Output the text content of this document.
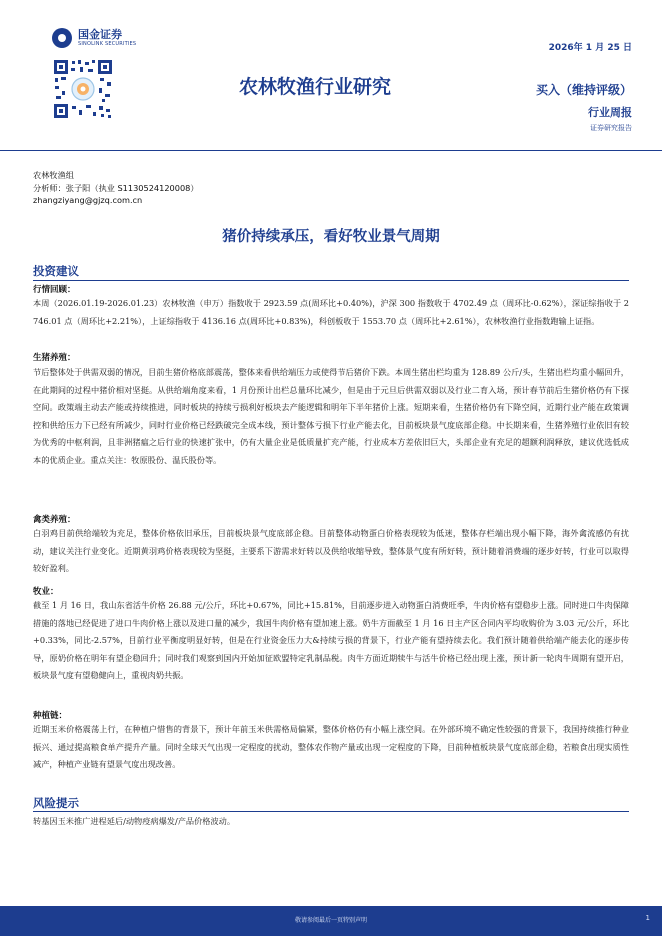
国金证券
SINOLINK SECURITIES	2026年 1 月 25 日
农林牧渔行业研究	买入（维持评级）
行业周报
证券研究报告
农林牧渔组
分析师：张子阳（执业 S1130524120008）
zhangziyang@gjzq.com.cn
猪价持续承压，看好牧业景气周期
投资建议
行情回顾：

本周（2026.01.19-2026.01.23）农林牧渔（申万）指数收于 2923.59 点(周环比+0.40%)，沪深 300 指数收于 4702.49 点（周环比-0.62%），深证综指收于 2746.01 点（周环比+2.21%），上证综指收于 4136.16 点(周环比+0.83%)，科创板收于 1553.70 点（周环比+2.61%），农林牧渔行业指数跑输上证指。

生猪养殖：

节后整体处于供需双弱的情况，目前生猪价格底部震荡，整体来看供给端压力或使得节后猪价下跌。本周生猪出栏均重为 128.89 公斤/头，生猪出栏均重小幅回升，在此期间的过程中猪价相对坚挺。从供给端角度来看，1 月份预计出栏总量环比减少，但是由于元旦后供需双弱以及行业二育入场，预计春节前后生猪价格仍有下探空间。政策端主动去产能或持续推进，同时板块的持续亏损利好板块去产能逻辑和明年下半年猪价上涨。短期来看，生猪价格仍有下降空间，近期行业产能在政策调控和供给压力下已经有所减少，同时行业价格已经跌破完全成本线，预计整体亏损下行业产能去化，目前板块景气度底部企稳。中长期来看，生猪养殖行业依旧有较为优秀的中枢利润，且非洲猪瘟之后行业的快速扩张中，仍有大量企业是低质量扩充产能，行业成本方差依旧巨大，头部企业有充足的超额利润释放，建议优选低成本的优质企业。重点关注：牧原股份、温氏股份等。

禽类养殖：

白羽鸡目前供给端较为充足，整体价格依旧承压，目前板块景气度底部企稳。目前整体动物蛋白价格表现较为低迷，整体存栏端出现小幅下降，海外禽流感仍有扰动，建议关注行业变化。近期黄羽鸡价格表现较为坚挺，主要系下游需求好转以及供给收缩导致，整体景气度有所好转，预计随着消费端的逐步好转，行业可以取得较好盈利。

牧业：

截至 1 月 16 日，我山东省活牛价格 26.88 元/公斤，环比+0.67%，同比+15.81%，目前逐步进入动物蛋白消费旺季，牛肉价格有望稳步上涨。同时进口牛肉保障措施的落地已经促进了进口牛肉价格上涨以及进口量的减少，我国牛肉价格有望加速上涨。奶牛方面截至 1 月 16 日主产区合同内平均收购价为 3.03 元/公斤，环比+0.33%，同比-2.57%，目前行业平衡度明显好转，但是在行业资金压力大&持续亏损的背景下，行业产能有望持续去化。我们预计随着供给端产能去化的逐步传导，原奶价格在明年有望企稳回升；同时我们观察到国内开始加征欧盟特定乳制品税。肉牛方面近期犊牛与活牛价格已经出现上涨，预计新一轮肉牛周期有望开启，板块景气度有望稳健向上，重视肉奶共振。

种植链：

近期玉米价格震荡上行，在种植户惜售的背景下，预计年前玉米供需格局偏紧，整体价格仍有小幅上涨空间。在外部环境不确定性较强的背景下，我国持续推行种业振兴、通过提高粮食单产提升产量。同时全球天气出现一定程度的扰动，整体农作物产量或出现一定程度的下降，目前种植板块景气度底部企稳，若粮食出现实质性减产，种植产业链有望景气度出现改善。

风险提示

转基因玉米推广进程延后/动物疫病爆发/产品价格波动。

敬请参阅最后一页特别声明	1
